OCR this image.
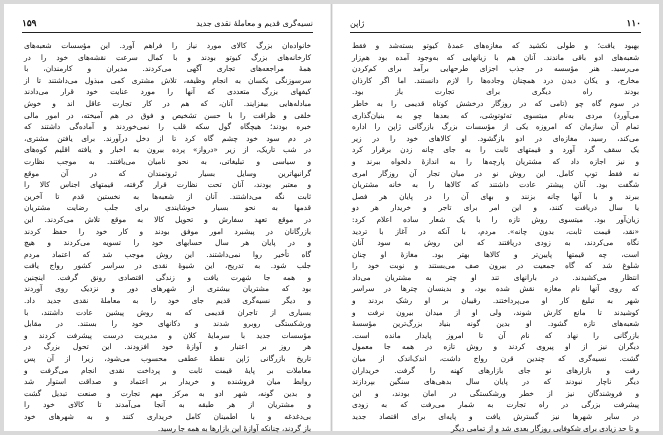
۱۵۹	نسیه‌گری قدیم و معاملهٔ نقدی جدید
خانواده‌ان بزرگ کالای مورد نیاز را فراهم آورد. این مؤسسات شعبه‌های
کارخانه‌های بزرگ کیوتو بودند و با کمال سرعت نقشه‌های خود را در
همهٔ مراجعه‌های تجاری آگهی می‌کردند. مدیران و کارمندان، با
سرسوزنگی یکسان به انجام وظیفه، تلاش مشتری کمی مبذول می‌داشتند تا از
کیفهای بزرگ متعددی که آنها را مورد عنایت خود قرار می‌دادند
مبادله‌هایی بیفزایند. آنان، که هم در کار تجارت عاقل اند و خوش
خلقی و ظرافت را با حسن تشخیص و فوق در هم آمیخته، در امور مالی
خبره بودند؛ هیچگاه گول سکه قلب را نمی‌خوردند و آماده‌گی داشتند که
در دم سود خود چشم گاه کرد تا از دخل درآورند. برای یافتن مشتری،
در شب تاریک، از زیر «درواز» پرده بیرون به اخبار و یافته اقلیم کوه‌های
و سیاسی و تبلیغاتی، به نحو نامیان می‌یافتند. به موجب نظارت
گرانبهاترین وسایل بسیار ثروتمندان که در آن موقع
و معتبر بودند، آنان تحت نظارت قرار گرفته، قیمتهای اجناس کالا را
ثابت نگه می‌داشتند. آنان از شعبه‌ها به نخستین قدم تا آخرین
قدمها به نحو بسیار خوشایندی برای جلب رضایت مشتریان
در موقع تعهد سفارش و تحویل کالا به موقع تلاش می‌کردند. این
بازرگانان در پیشبرد امور موفق بودند و کار خود را حفظ کردند
و در پایان هر سال حسابهای خود را تسویه می‌کردند و هیچ
گاه تأخیر روا نمی‌داشتند. این روش موجب شد که اعتماد مردم
جلب شود. به تدریج، این شیوهٔ نقدی در سراسر کشور رواج یافت
و همه جا شهرت یافت و زندگی اقتصادی رونق گرفت. اینچنین
بود که مشتریان بیشتری از شهرهای دور و نزدیک روی آوردند
و دیگر نسیه‌گری قدیم جای خود را به معاملهٔ نقدی جدید داد.
بسیاری از تاجران قدیمی که به روش پیشین عادت داشتند، با
ورشکستگی روبرو شدند و دکانهای خود را بستند. در مقابل
مؤسسات جدید با سرمایهٔ کلان و مدیریت درست پیشرفت کردند و
هر روز بر اعتبار و آوازهٔ خود افزودند. این تحول بزرگ در
تاریخ بازرگانی ژاپن نقطهٔ عطفی محسوب می‌شود، زیرا از آن پس
معاملات بر پایهٔ قیمت ثابت و پرداخت نقدی انجام می‌گرفت و
روابط میان فروشنده و خریدار بر اعتماد و صداقت استوار شد
و بدین گونه، شهر ادو به مرکز مهم تجارت و صنعت تبدیل گشت
و مشتریان از هر طبقه به آنجا می‌آمدند تا کالای خود را
بی‌دغدغه و با اطمینان کامل خریداری کنند و به شهرهای خود
باز گردند، چنانکه آوازهٔ این بازارها به همه جا رسید.
۱۱۰
ژاپن
بهبود یافت؛ و طولی نکشید که مغازه‌های عمدهٔ کیوتو بسته‌شد و فقط
شعبه‌های ادو باقی ماندند. آنان هم با زیانهایی که به‌وجود آمده بود هم‌زار
می‌رسید. هنر مؤسسه در جذب اجزای طرحهایی برآمد برای کم‌کردن
مخارج، و یکان دیدن درد همچنان وجاده‌ها را لازم دانستند. اما اگر کارذان
بودند راه دیگری برای تجارت باز بود.
در سوم گاه چو (تامی که در روزگار درخشش کوتاه قدیمی را به خاطر
می‌آورد) مردی به‌نام میتسوی ته‌ئوتوشی، که بعدها چو به بنیان‌گذاری
تمام آن سازمان که امروزه یکی از مؤسسات بزرگ بازرگانی ژاپن را اداره
می‌کند، رسید، مغازه‌ای در ادو بازگشود. او کالاهای خود را در زیر
یک سقف گرد آورد و قیمتهای ثابت را به جای چانه زدن برقرار کرد
و نیز اجازه داد که مشتریان پارچه‌ها را به اندازهٔ دلخواه ببرند و
نه فقط توپ کامل. این روش نو در میان تجار آن روزگار امری
شگفت بود. آنان پیشتر عادت داشتند که کالاها را به خانه مشتریان
ببرند و با آنها چانه بزنند و بهای آن را در پایان هر فصل
یا سال دریافت کنند، و این امر برای تاجر و خریدار هر دو
زیان‌آور بود. میتسوی روش تازه را با یک شعار ساده اعلام کرد:
«نقد، قیمت ثابت، بدون چانه». مردم، با آنکه در آغاز با تردید
نگاه می‌کردند، به زودی دریافتند که این روش به سود آنان
است، چه قیمتها پایین‌تر و کالاها بهتر بود. مغازهٔ او چنان
شلوغ شد که گاه جمعیت در بیرون صف می‌بستند و نوبت خود را
انتظار می‌کشیدند. در بارانهای تند او چتر به مشتریان می‌داد
که روی آنها نام مغازه نقش شده بود، و بدینسان چترها در سراسر
شهر به تبلیغ کار او می‌پرداختند. رقیبان بر او رشک بردند و
کوشیدند تا مانع کارش شوند، ولی او از میدان بیرون نرفت و
شعبه‌های تازه گشود. او بدین گونه بنیاد بزرگ‌ترین مؤسسهٔ
بازرگانی را نهاد که نام آن تا امروز پایدار مانده است.
دیگران نیز از او پیروی کردند و روش تازه در همه جا معمول
گشت. نسیه‌گری که چندین قرن رواج داشت، اندک‌اندک از میان
رفت و بازارهای نو جای بازارهای کهنه را گرفت. خریداران
دیگر ناچار نبودند که در پایان سال بدهی‌های سنگین بپردازند
و فروشندگان نیز از خطر ورشکستگی در امان بودند، و این
پیشرفت بزرگی در راه تجارت به شمار می‌رفت که به زودی
در سایر شهرها نیز گسترش یافت و پایه‌ای برای اقتصاد جدید
و تا حد زیادی برای شکوفایی روزگار بعدی شد و از تمامی دیگر
